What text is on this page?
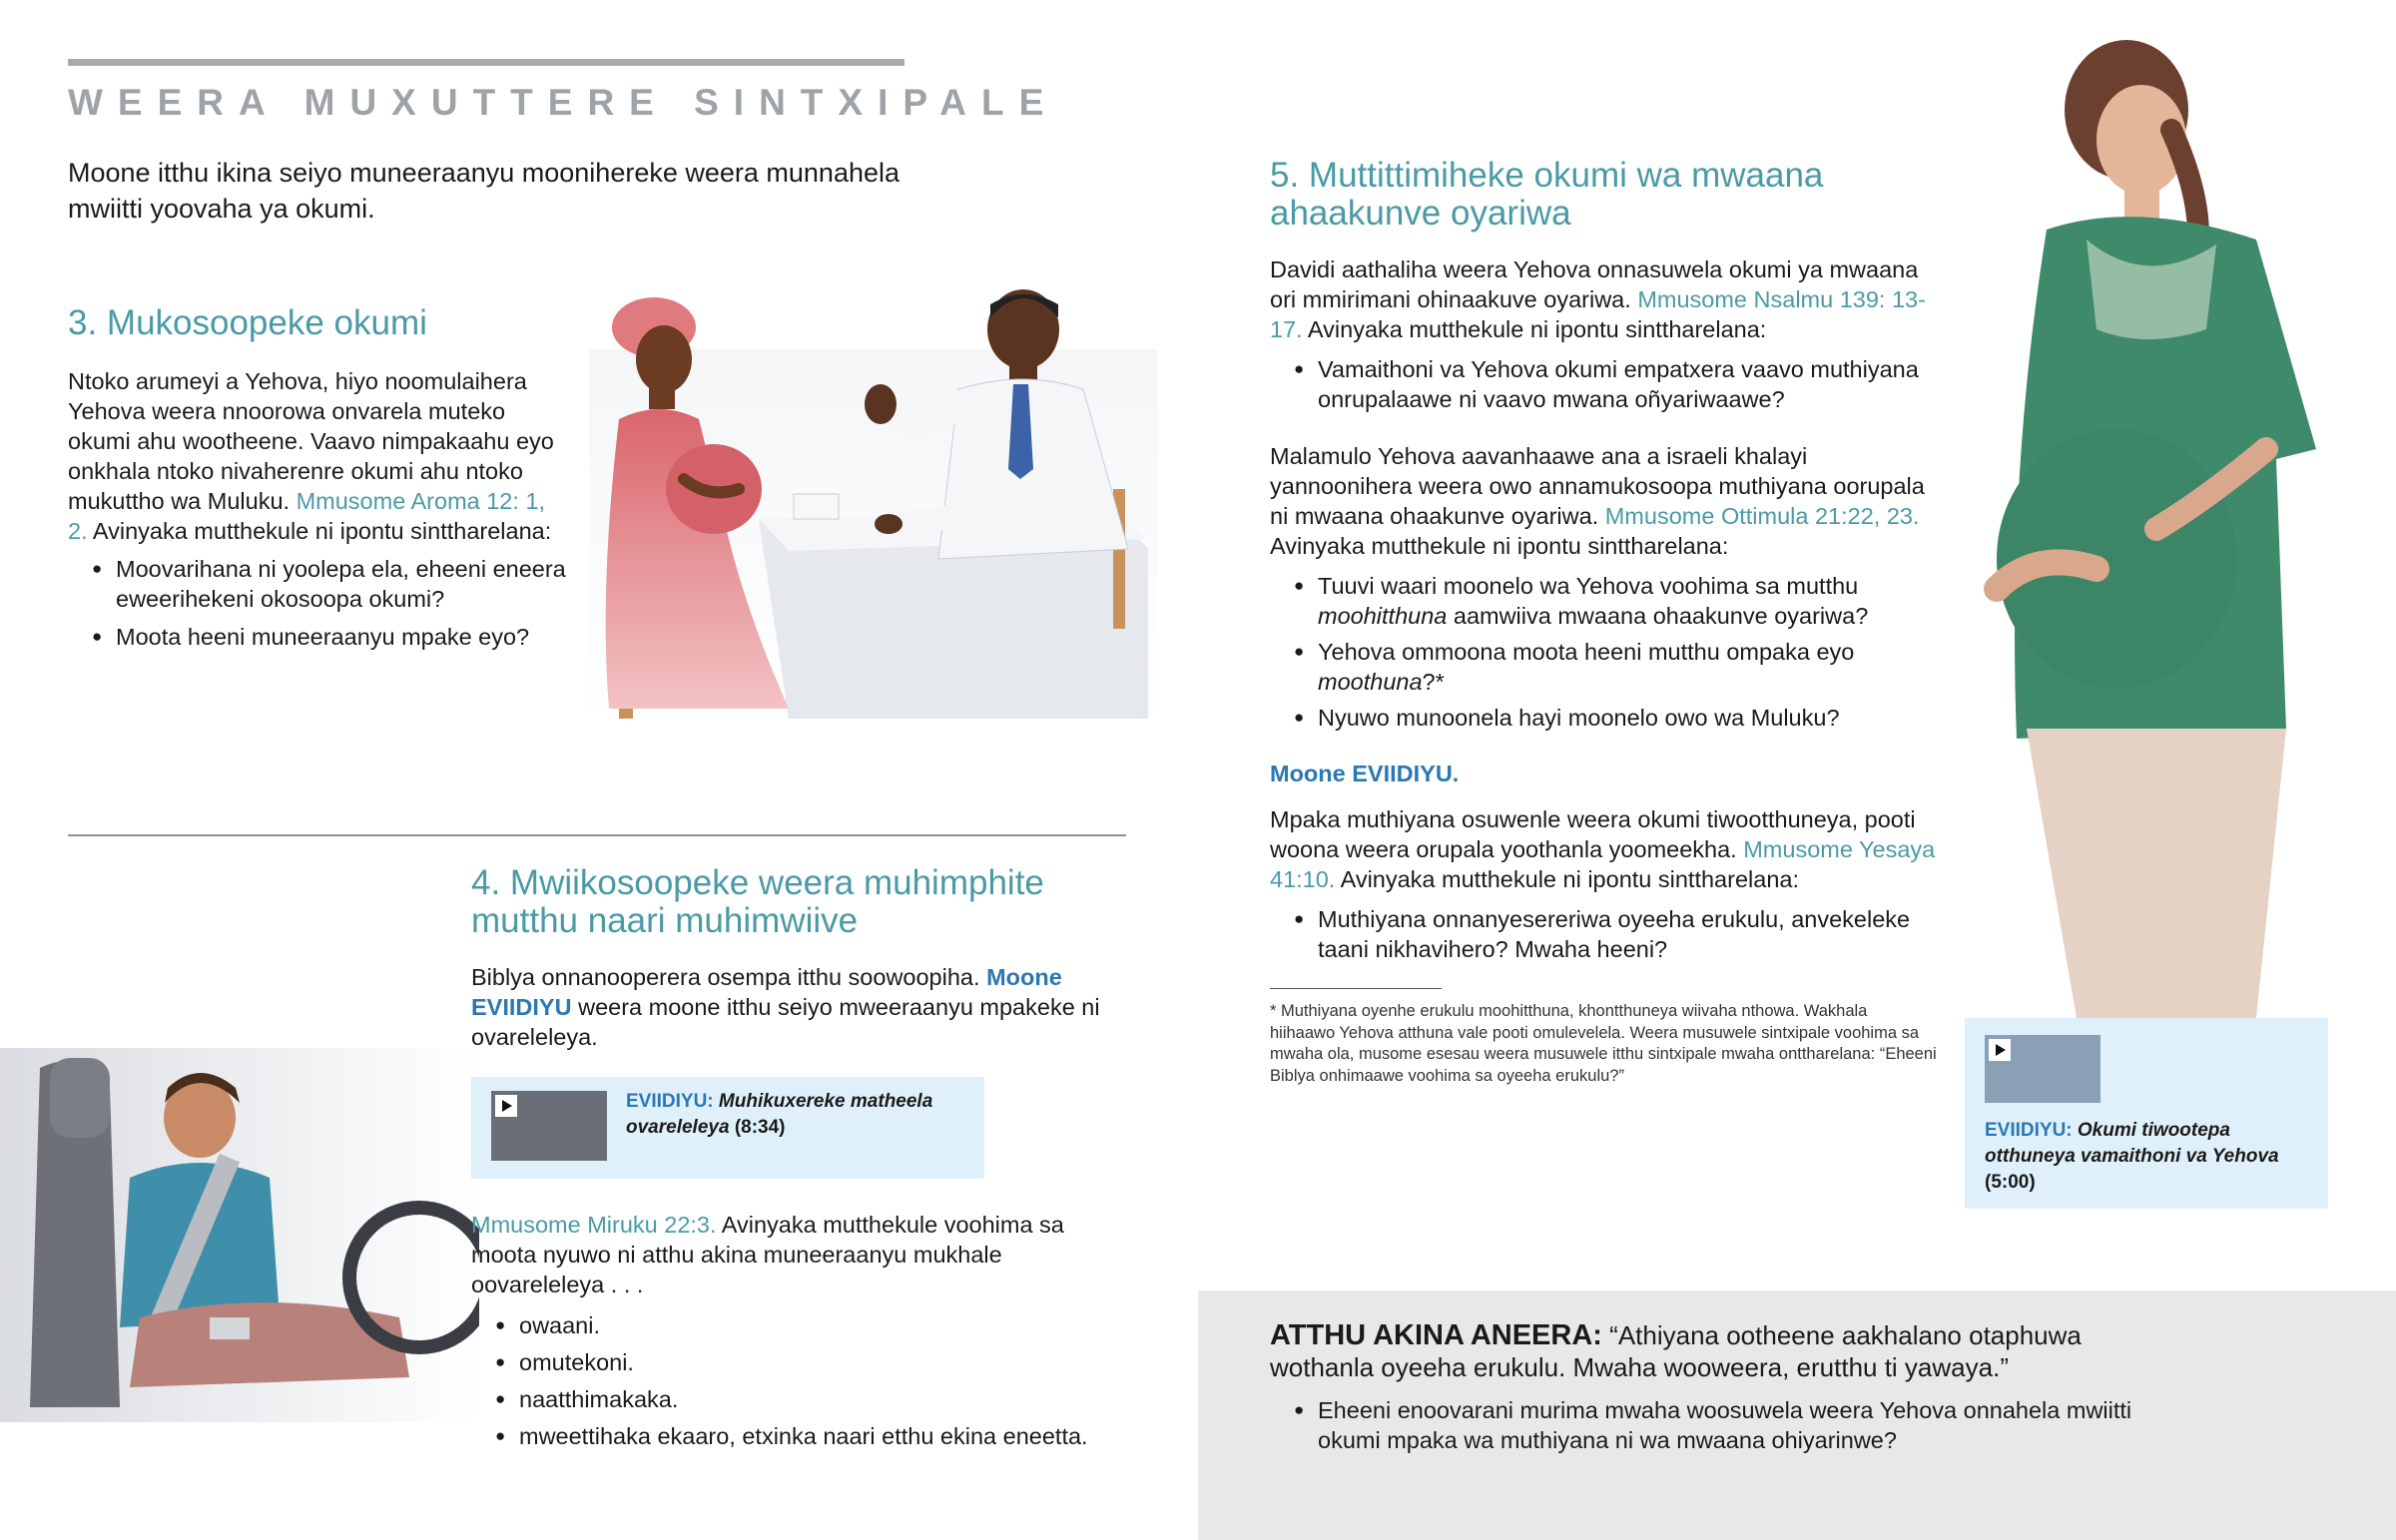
WEERA MUXUTTERE SINTXIPALE
Moone itthu ikina seiyo muneeraanyu moonihereke weera munnahela mwiitti yoovaha ya okumi.
3. Mukosoopeke okumi

Ntoko arumeyi a Yehova, hiyo noomulaihera Yehova weera nnoorowa onvarela muteko okumi ahu wootheene. Vaavo nimpakaahu eyo onkhala ntoko nivaherenre okumi ahu ntoko mukuttho wa Muluku. Mmusome Aroma 12: 1, 2. Avinyaka mutthekule ni ipontu sinttharelana:

● Moovarihana ni yoolepa ela, eheeni eneera eweerihekeni okosoopa okumi?
● Moota heeni muneeraanyu mpake eyo?
4. Mwiikosoopeke weera muhimphite mutthu naari muhimwiive

Biblya onnanooperera osempa itthu soowoopiha. Moone EVIIDIYU weera moone itthu seiyo mweeraanyu mpakeke ni ovareleleya.

EVIIDIYU: Muhikuxereke matheela ovareleleya (8:34)

Mmusome Miruku 22:3. Avinyaka mutthekule voohima sa moota nyuwo ni atthu akina muneeraanyu mukhale oovareleleya . . .

● owaani.
● omutekoni.
● naatthimakaka.
● mweettihaka ekaaro, etxinka naari etthu ekina eneetta.
5. Muttittimiheke okumi wa mwaana ahaakunve oyariwa

Davidi aathaliha weera Yehova onnasuwela okumi ya mwaana ori mmirimani ohinaakuve oyariwa. Mmusome Nsalmu 139: 13-17. Avinyaka mutthekule ni ipontu sinttharelana:

● Vamaithoni va Yehova okumi empatxera vaavo muthiyana onrupalaawe ni vaavo mwana oñyariwaawe?

Malamulo Yehova aavanhaawe ana a israeli khalayi yannoonihera weera owo annamukosoopa muthiyana oorupala ni mwaana ohaakunve oyariwa. Mmusome Ottimula 21:22, 23. Avinyaka mutthekule ni ipontu sinttharelana:

● Tuuvi waari moonelo wa Yehova voohima sa mutthu moohitthuna aamwiiva mwaana ohaakunve oyariwa?
● Yehova ommoona moota heeni mutthu ompaka eyo moothuna?*
● Nyuwo munoonela hayi moonelo owo wa Muluku?
Moone EVIIDIYU.

Mpaka muthiyana osuwenle weera okumi tiwootthuneya, pooti woona weera orupala yoothanla yoomeekha. Mmusome Yesaya 41:10. Avinyaka mutthekule ni ipontu sinttharelana:

● Muthiyana onnanyesereriwa oyeeha erukulu, anvekeleke taani nikhavihero? Mwaha heeni?
* Muthiyana oyenhe erukulu moohitthuna, khontthuneya wiivaha nthowa. Wakhala hiihaawo Yehova atthuna vale pooti omulevelela. Weera musuwele sintxipale voohima sa mwaha ola, musome esesau weera musuwele itthu sintxipale mwaha onttharelana: “Eheeni Biblya onhimaawe voohima sa oyeeha erukulu?”
EVIIDIYU: Okumi tiwootepa otthuneya vamaithoni va Yehova (5:00)
ATTHU AKINA ANEERA: “Athiyana ootheene aakhalano otaphuwa wothanla oyeeha erukulu. Mwaha wooweera, erutthu ti yawaya.”
● Eheeni enoovarani murima mwaha woosuwela weera Yehova onnahela mwiitti okumi mpaka wa muthiyana ni wa mwaana ohiyarinwe?
